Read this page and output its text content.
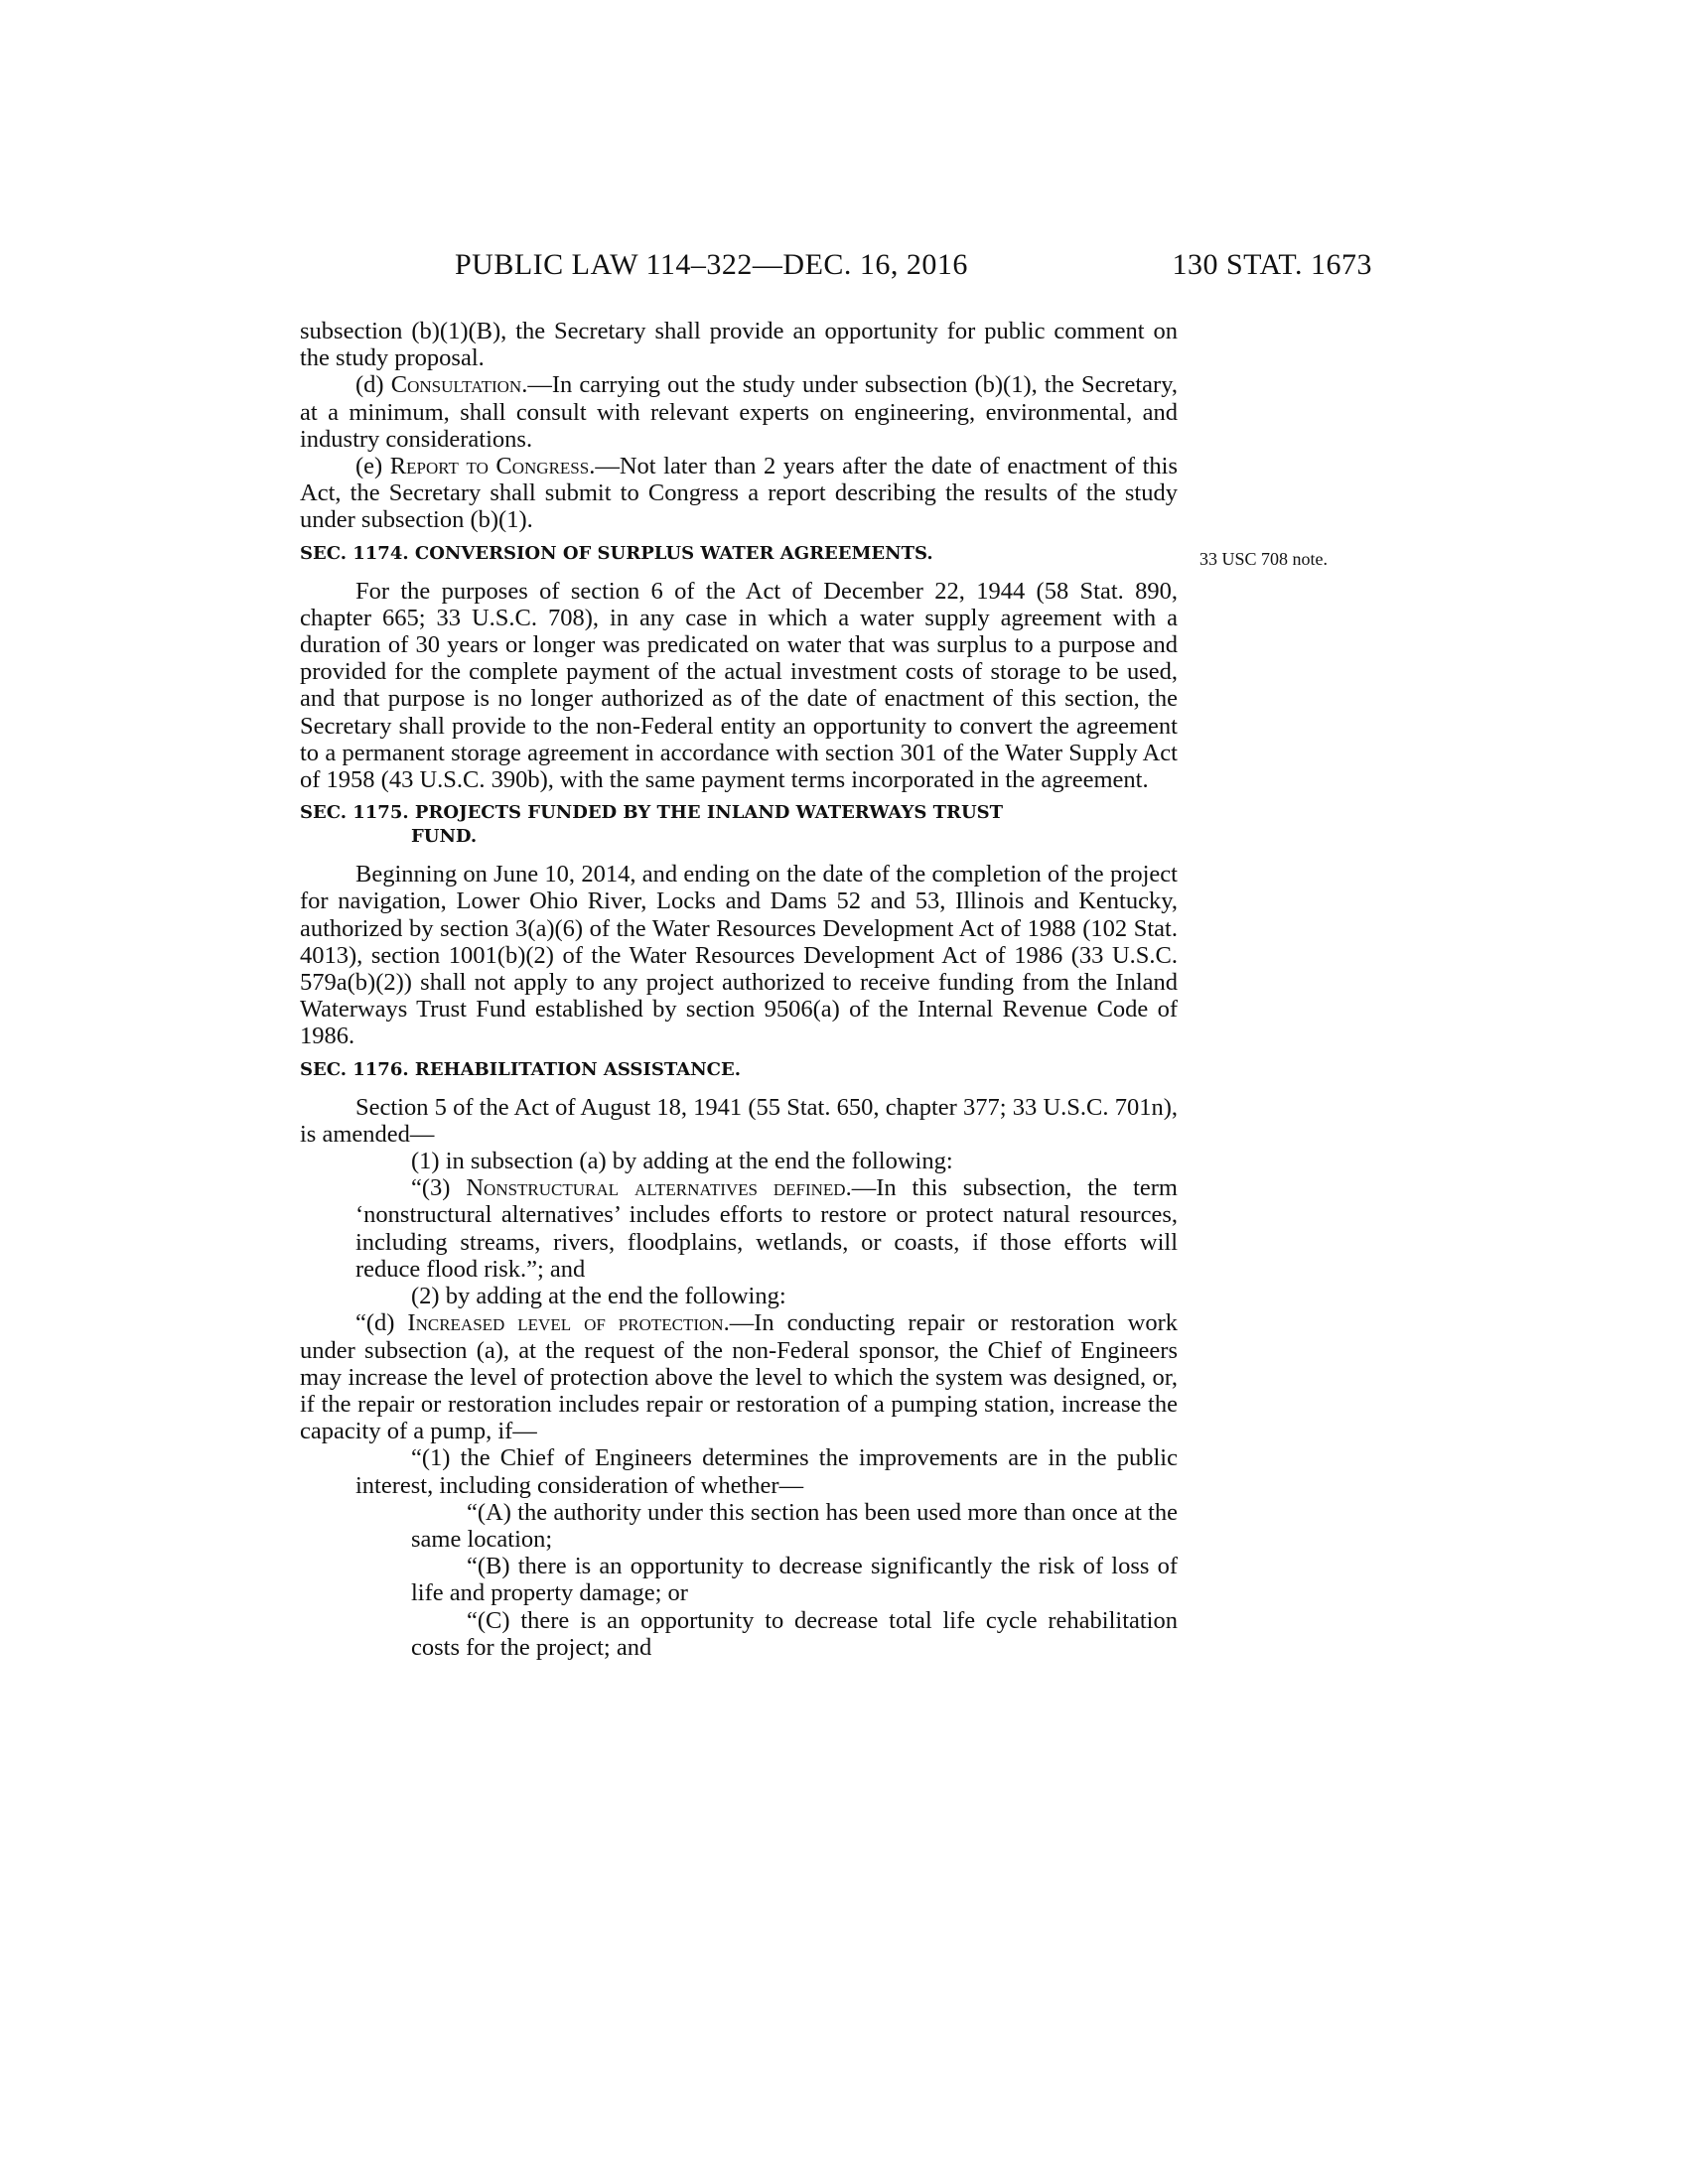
PUBLIC LAW 114–322—DEC. 16, 2016	130 STAT. 1673
33 USC 708 note.

subsection (b)(1)(B), the Secretary shall provide an opportunity for public comment on the study proposal.

(d) Consultation.—In carrying out the study under subsection (b)(1), the Secretary, at a minimum, shall consult with relevant experts on engineering, environmental, and industry considerations.

(e) Report to Congress.—Not later than 2 years after the date of enactment of this Act, the Secretary shall submit to Congress a report describing the results of the study under subsection (b)(1).

SEC. 1174. CONVERSION OF SURPLUS WATER AGREEMENTS.

For the purposes of section 6 of the Act of December 22, 1944 (58 Stat. 890, chapter 665; 33 U.S.C. 708), in any case in which a water supply agreement with a duration of 30 years or longer was predicated on water that was surplus to a purpose and provided for the complete payment of the actual investment costs of storage to be used, and that purpose is no longer authorized as of the date of enactment of this section, the Secretary shall provide to the non-Federal entity an opportunity to convert the agreement to a permanent storage agreement in accordance with section 301 of the Water Supply Act of 1958 (43 U.S.C. 390b), with the same payment terms incorporated in the agreement.

SEC. 1175. PROJECTS FUNDED BY THE INLAND WATERWAYS TRUST
FUND.

Beginning on June 10, 2014, and ending on the date of the completion of the project for navigation, Lower Ohio River, Locks and Dams 52 and 53, Illinois and Kentucky, authorized by section 3(a)(6) of the Water Resources Development Act of 1988 (102 Stat. 4013), section 1001(b)(2) of the Water Resources Development Act of 1986 (33 U.S.C. 579a(b)(2)) shall not apply to any project authorized to receive funding from the Inland Waterways Trust Fund established by section 9506(a) of the Internal Revenue Code of 1986.

SEC. 1176. REHABILITATION ASSISTANCE.

Section 5 of the Act of August 18, 1941 (55 Stat. 650, chapter 377; 33 U.S.C. 701n), is amended—

(1) in subsection (a) by adding at the end the following:

“(3) Nonstructural alternatives defined.—In this subsection, the term ‘nonstructural alternatives’ includes efforts to restore or protect natural resources, including streams, rivers, floodplains, wetlands, or coasts, if those efforts will reduce flood risk.”; and

(2) by adding at the end the following:

“(d) Increased level of protection.—In conducting repair or restoration work under subsection (a), at the request of the non-Federal sponsor, the Chief of Engineers may increase the level of protection above the level to which the system was designed, or, if the repair or restoration includes repair or restoration of a pumping station, increase the capacity of a pump, if—

“(1) the Chief of Engineers determines the improvements are in the public interest, including consideration of whether—

“(A) the authority under this section has been used more than once at the same location;

“(B) there is an opportunity to decrease significantly the risk of loss of life and property damage; or

“(C) there is an opportunity to decrease total life cycle rehabilitation costs for the project; and
